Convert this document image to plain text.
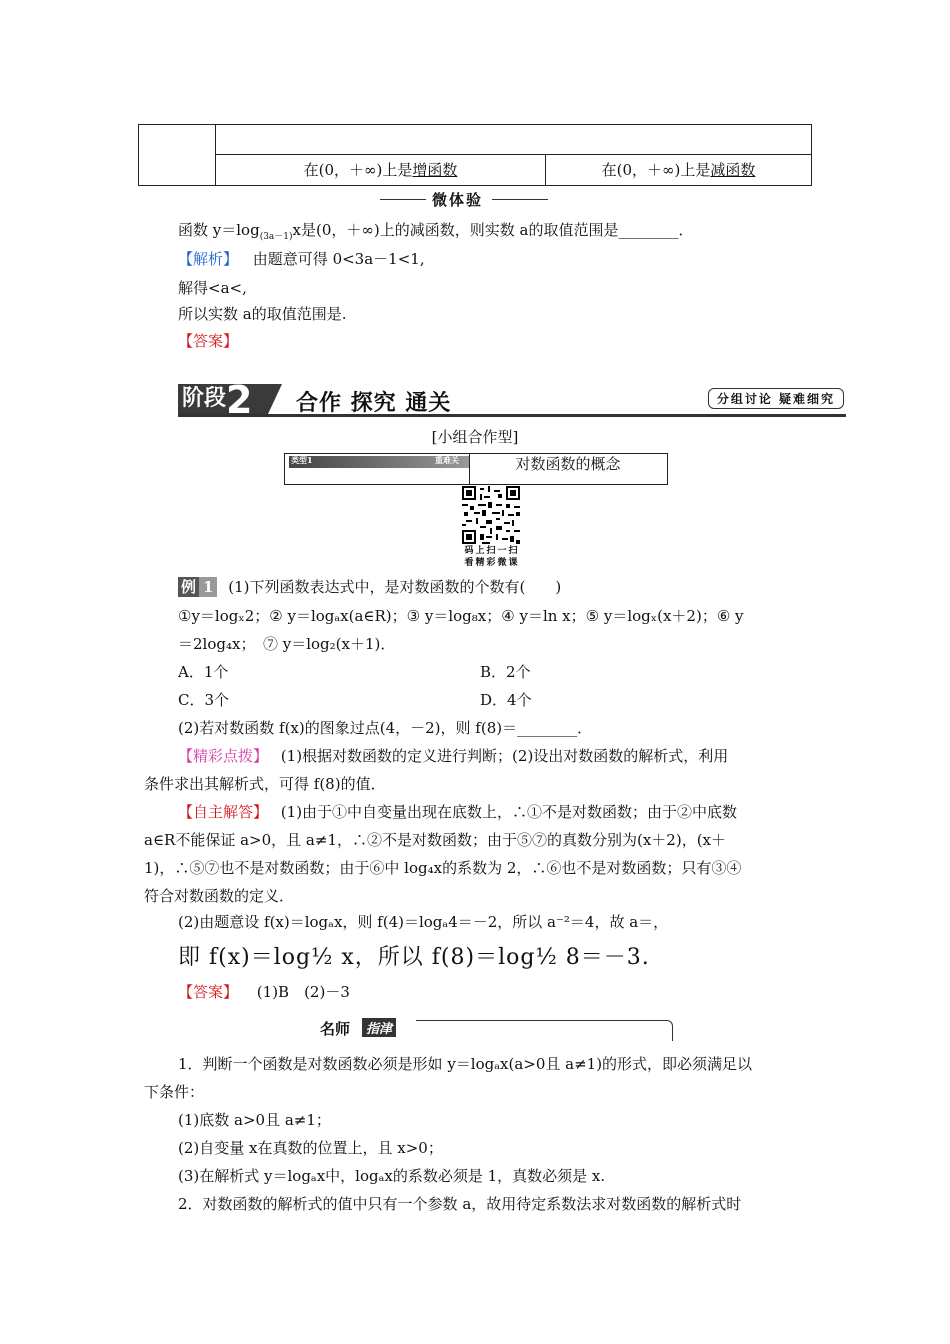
在(0，＋∞)上是增函数	在(0，＋∞)上是减函数
微体验
函数 $y=\log_{(3a-1)}x$是(0，＋∞)上的减函数，则实数 a的取值范围是________．
【解析】 由题意可得 0<3a－1<1,
解得<a<,
所以实数 a的取值范围是.
【答案】
阶段 2 合作 探究 通关	分组讨论 疑难细究
[小组合作型]
类型1	重难关	对数函数的概念
码上扫一扫
看精彩微课
例 1 (1)下列函数表达式中，是对数函数的个数有(　　)
①y＝logₓ2；② y＝logₐx(a∈R)；③ y＝log₈x；④ y＝ln x；⑤ y＝logₓ(x＋2)；⑥ y
＝2log₄x；　⑦ y＝log₂(x＋1)．
A．1个	B．2个
C．3个	D．4个
(2)若对数函数 f(x)的图象过点(4，－2)，则 f(8)＝________．
【精彩点拨】 (1)根据对数函数的定义进行判断；(2)设出对数函数的解析式，利用
条件求出其解析式，可得 f(8)的值．
【自主解答】 (1)由于①中自变量出现在底数上，∴①不是对数函数；由于②中底数
a∈R不能保证 a>0，且 a≠1，∴②不是对数函数；由于⑤⑦的真数分别为(x＋2)，(x＋
1)，∴⑤⑦也不是对数函数；由于⑥中 log₄x的系数为 2，∴⑥也不是对数函数；只有③④
符合对数函数的定义．
(2)由题意设 f(x)＝logₐx，则 f(4)＝logₐ4＝－2，所以 a⁻²＝4，故 a＝，
即 f(x)＝log½ x，所以 f(8)＝log½ 8＝－3.
【答案】 (1)B　(2)－3
名师	指津
1．判断一个函数是对数函数必须是形如 y＝logₐx(a>0且 a≠1)的形式，即必须满足以
下条件：
(1)底数 a>0且 a≠1；
(2)自变量 x在真数的位置上，且 x>0；
(3)在解析式 y＝logₐx中，logₐx的系数必须是 1，真数必须是 x.
2．对数函数的解析式的值中只有一个参数 a，故用待定系数法求对数函数的解析式时
